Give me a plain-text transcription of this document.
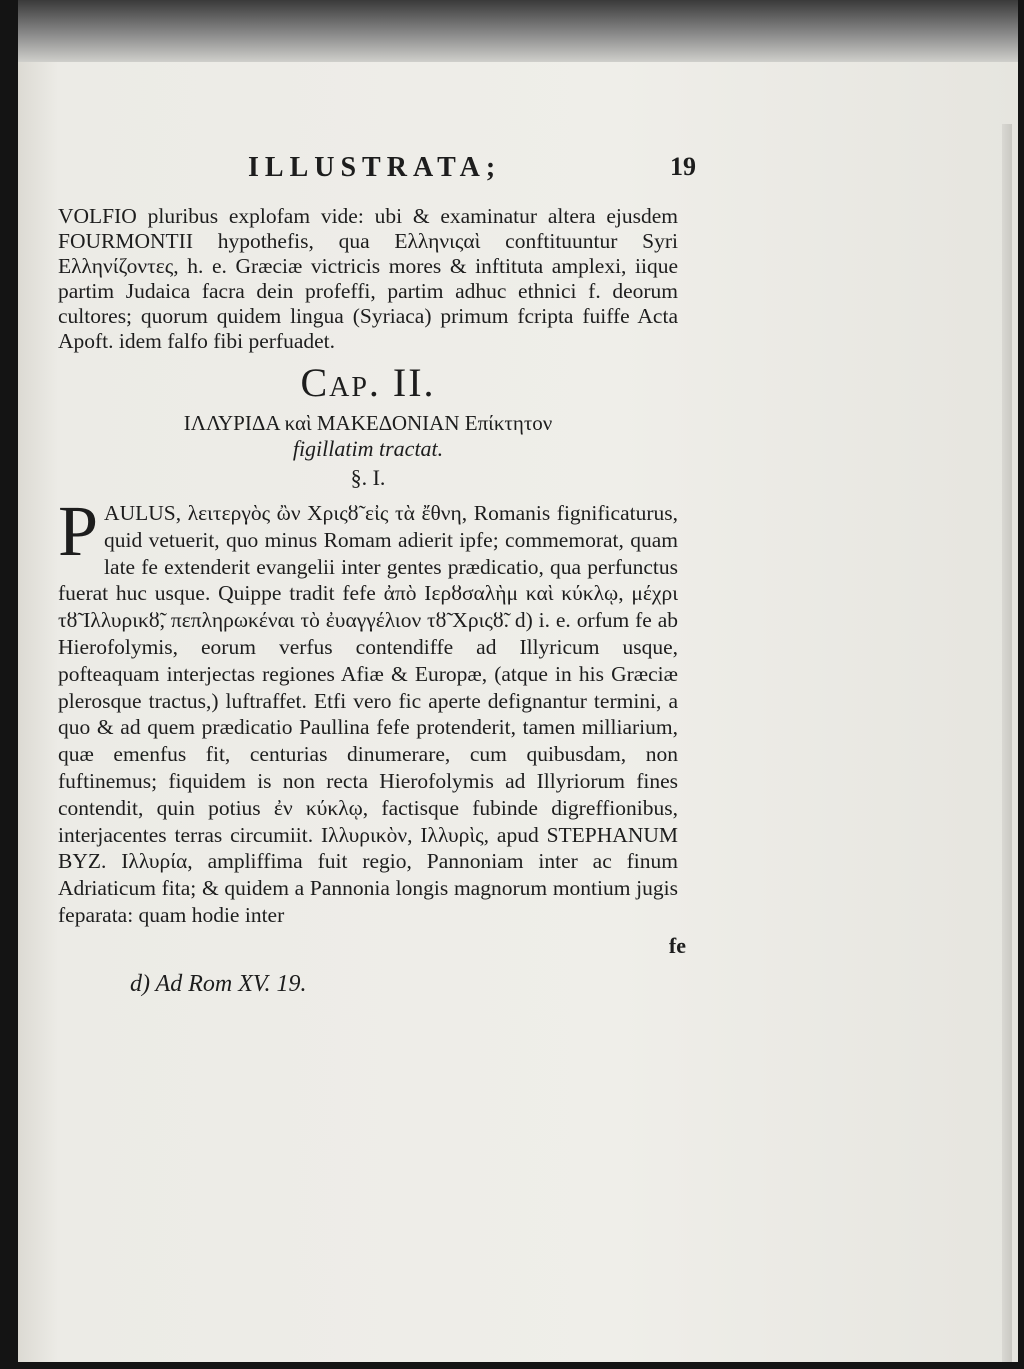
ILLUSTRATA;	19

VOLFIO pluribus explofam vide: ubi & examinatur altera ejusdem FOURMONTII hypothefis, qua Ελληνιςαὶ conftituuntur Syri Ελληνίζοντες, h. e. Græciæ victricis mores & inftituta amplexi, iique partim Judaica facra dein profeffi, partim adhuc ethnici f. deorum cultores; quorum quidem lingua (Syriaca) primum fcripta fuiffe Acta Apoft. idem falfo fibi perfuadet.

Cap. II.
ΙΛΛΥΡΙΔΑ καὶ ΜΑΚΕΔΟΝΙΑΝ Επίκτητον
figillatim tractat.
§. I.
P AULUS, λειτεργὸς ὢν Χριςȣ̃ εἰς τὰ ἔθνη, Romanis fignificaturus, quid vetuerit, quo minus Romam adierit ipfe; commemorat, quam late fe extenderit evangelii inter gentes prædicatio, qua perfunctus fuerat huc usque. Quippe tradit fefe ἀπὸ Ιερȣσαλὴμ καὶ κύκλῳ, μέχρι τȣ̃ Ιλλυρικȣ̃, πεπληρωκέναι τὸ ἐυαγγέλιον τȣ̃ Χριςȣ̃. d) i. e. orfum fe ab Hierofolymis, eorum verfus contendiffe ad Illyricum usque, pofteaquam interjectas regiones Afiæ & Europæ, (atque in his Græciæ plerosque tractus,) luftraffet. Etfi vero fic aperte defignantur termini, a quo & ad quem prædicatio Paullina fefe protenderit, tamen milliarium, quæ emenfus fit, centurias dinumerare, cum quibusdam, non fuftinemus; fiquidem is non recta Hierofolymis ad Illyriorum fines contendit, quin potius ἐν κύκλῳ, factisque fubinde digreffionibus, interjacentes terras circumiit. Ιλλυρικὸν, Ιλλυρὶς, apud STEPHANUM BYZ. Ιλλυρία, ampliffima fuit regio, Pannoniam inter ac finum Adriaticum fita; & quidem a Pannonia longis magnorum montium jugis feparata: quam hodie inter
fe
d) Ad Rom XV. 19.
